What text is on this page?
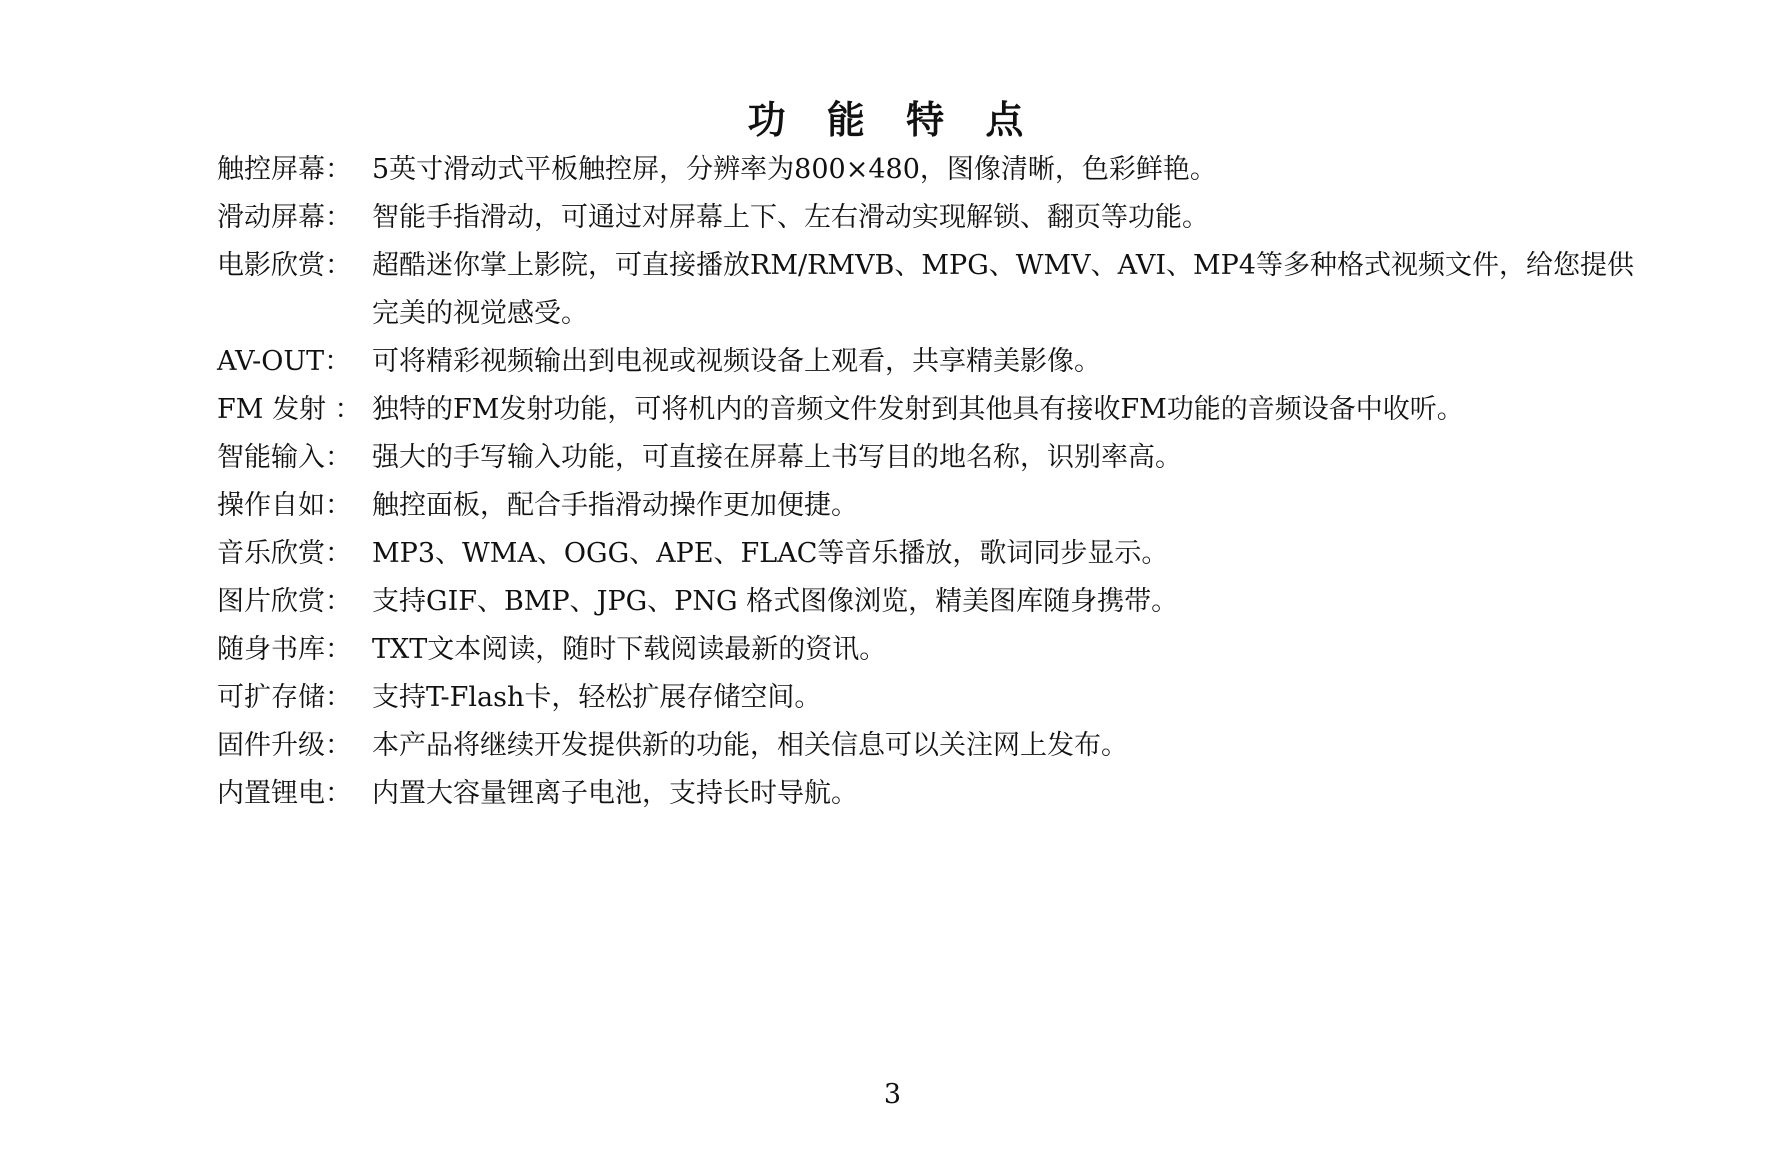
功 能 特 点
触控屏幕： 5英寸滑动式平板触控屏，分辨率为800×480，图像清晰，色彩鲜艳。
滑动屏幕： 智能手指滑动，可通过对屏幕上下、左右滑动实现解锁、翻页等功能。
电影欣赏： 超酷迷你掌上影院，可直接播放RM/RMVB、MPG、WMV、AVI、MP4等多种格式视频文件，给您提供完美的视觉感受。
AV-OUT： 可将精彩视频输出到电视或视频设备上观看，共享精美影像。
FM 发射 ： 独特的FM发射功能，可将机内的音频文件发射到其他具有接收FM功能的音频设备中收听。
智能输入： 强大的手写输入功能，可直接在屏幕上书写目的地名称，识别率高。
操作自如： 触控面板，配合手指滑动操作更加便捷。
音乐欣赏： MP3、WMA、OGG、APE、FLAC等音乐播放，歌词同步显示。
图片欣赏： 支持GIF、BMP、JPG、PNG 格式图像浏览，精美图库随身携带。
随身书库： TXT文本阅读，随时下载阅读最新的资讯。
可扩存储： 支持T-Flash卡，轻松扩展存储空间。
固件升级： 本产品将继续开发提供新的功能，相关信息可以关注网上发布。
内置锂电： 内置大容量锂离子电池，支持长时导航。
3
